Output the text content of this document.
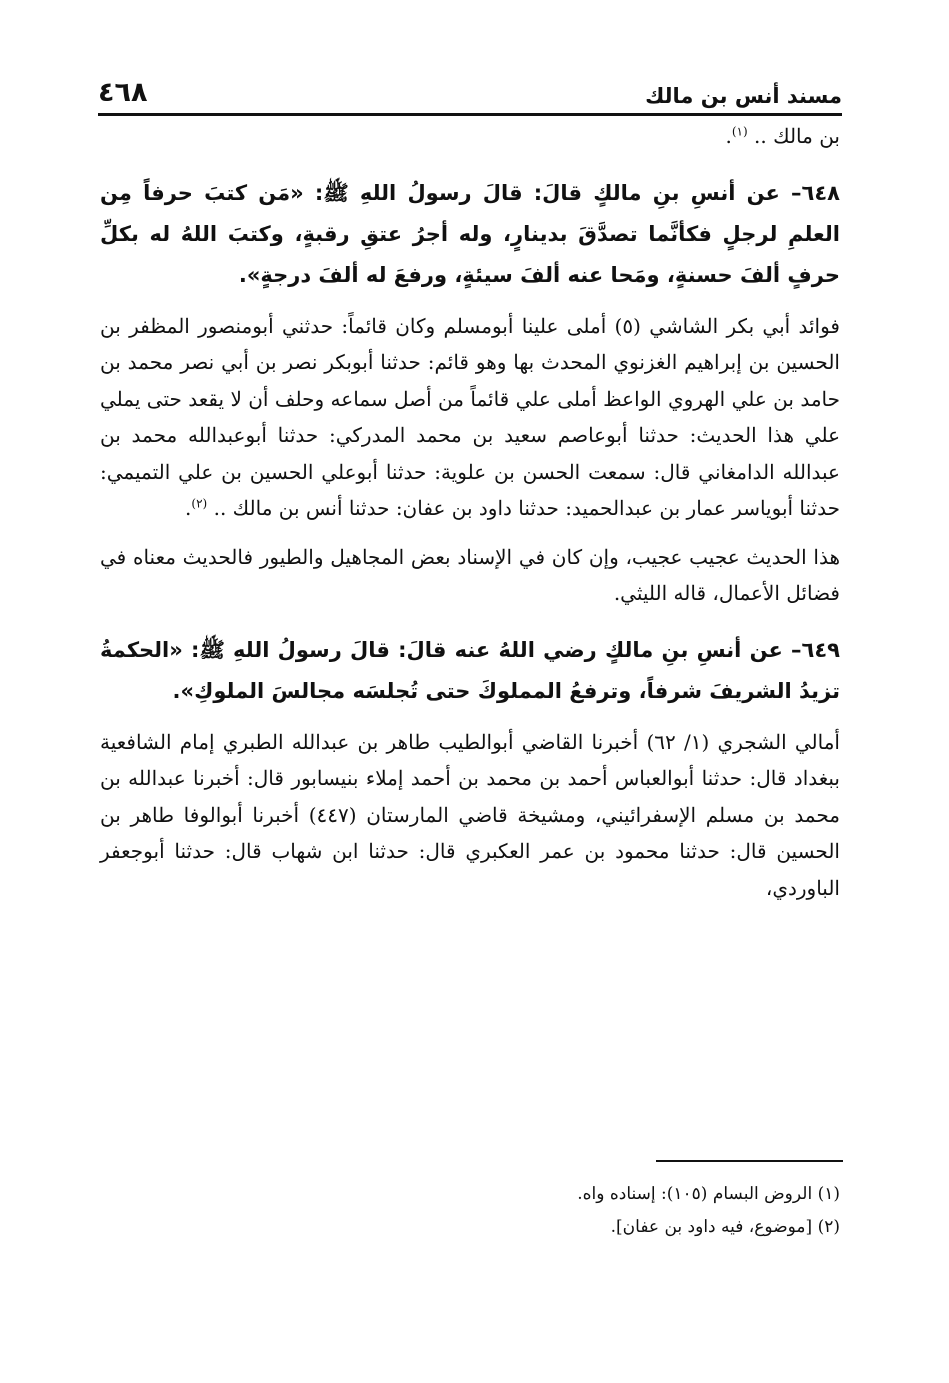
مسند أنس بن مالك
٤٦٨

بن مالك .. $^{(١)}$.

٦٤٨– عن أنسِ بنِ مالكٍ قالَ: قالَ رسولُ اللهِ ﷺ: «مَن كتبَ حرفاً مِن العلمِ لرجلٍ فكأنَّما تصدَّقَ بدينارٍ، وله أجرُ عتقِ رقبةٍ، وكتبَ اللهُ له بكلِّ حرفٍ ألفَ حسنةٍ، ومَحا عنه ألفَ سيئةٍ، ورفعَ له ألفَ درجةٍ».

فوائد أبي بكر الشاشي (٥) أملى علينا أبومسلم وكان قائماً: حدثني أبومنصور المظفر بن الحسين بن إبراهيم الغزنوي المحدث بها وهو قائم: حدثنا أبوبكر نصر بن أبي نصر محمد بن حامد بن علي الهروي الواعظ أملى علي قائماً من أصل سماعه وحلف أن لا يقعد حتى يملي علي هذا الحديث: حدثنا أبوعاصم سعيد بن محمد المدركي: حدثنا أبوعبدالله محمد بن عبدالله الدامغاني قال: سمعت الحسن بن علوية: حدثنا أبوعلي الحسين بن علي التميمي: حدثنا أبوياسر عمار بن عبدالحميد: حدثنا داود بن عفان: حدثنا أنس بن مالك .. $^{(٢)}$.

هذا الحديث عجيب عجيب، وإن كان في الإسناد بعض المجاهيل والطيور فالحديث معناه في فضائل الأعمال، قاله الليثي.

٦٤٩– عن أنسِ بنِ مالكٍ رضي اللهُ عنه قالَ: قالَ رسولُ اللهِ ﷺ: «الحكمةُ تزيدُ الشريفَ شرفاً، وترفعُ المملوكَ حتى تُجلسَه مجالسَ الملوكِ».

أمالي الشجري (١/ ٦٢) أخبرنا القاضي أبوالطيب طاهر بن عبدالله الطبري إمام الشافعية ببغداد قال: حدثنا أبوالعباس أحمد بن محمد بن أحمد إملاء بنيسابور قال: أخبرنا عبدالله بن محمد بن مسلم الإسفرائيني، ومشيخة قاضي المارستان (٤٤٧) أخبرنا أبوالوفا طاهر بن الحسين قال: حدثنا محمود بن عمر العكبري قال: حدثنا ابن شهاب قال: حدثنا أبوجعفر الباوردي،

(١) الروض البسام (١٠٥): إسناده واه.

(٢) [موضوع، فيه داود بن عفان].
